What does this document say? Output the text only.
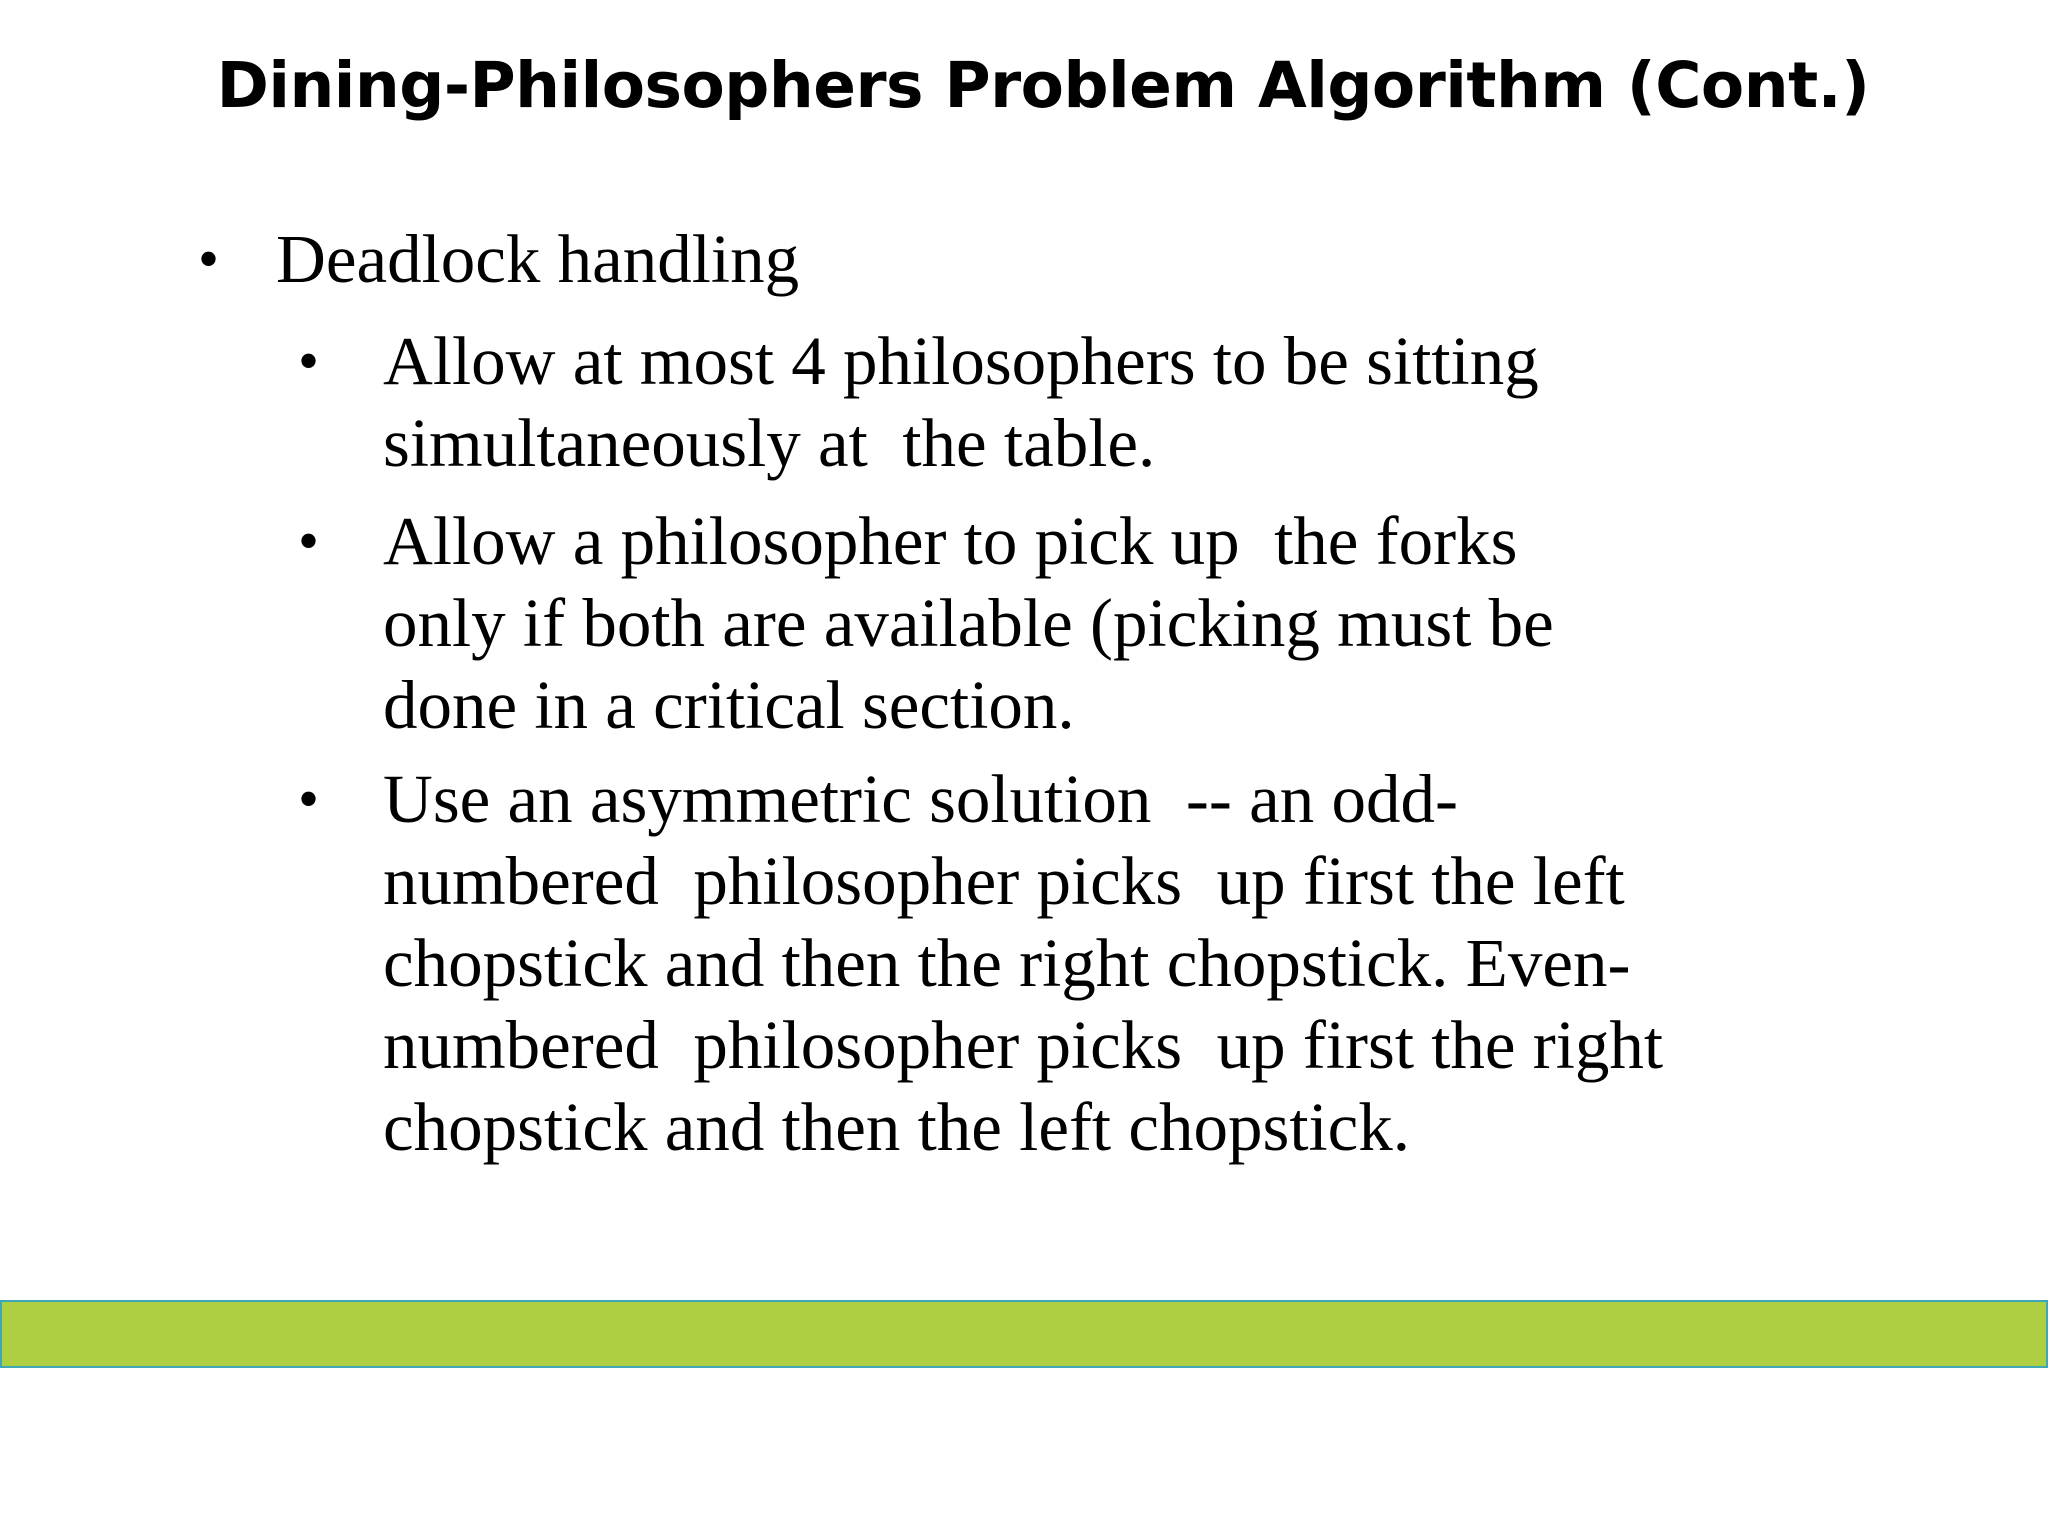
Dining-Philosophers Problem Algorithm (Cont.)
• Deadlock handling
• Allow at most 4 philosophers to be sitting
simultaneously at  the table.
• Allow a philosopher to pick up  the forks
only if both are available (picking must be
done in a critical section.
• Use an asymmetric solution  -- an odd-
numbered  philosopher picks  up first the left
chopstick and then the right chopstick. Even-
numbered  philosopher picks  up first the right
chopstick and then the left chopstick.
